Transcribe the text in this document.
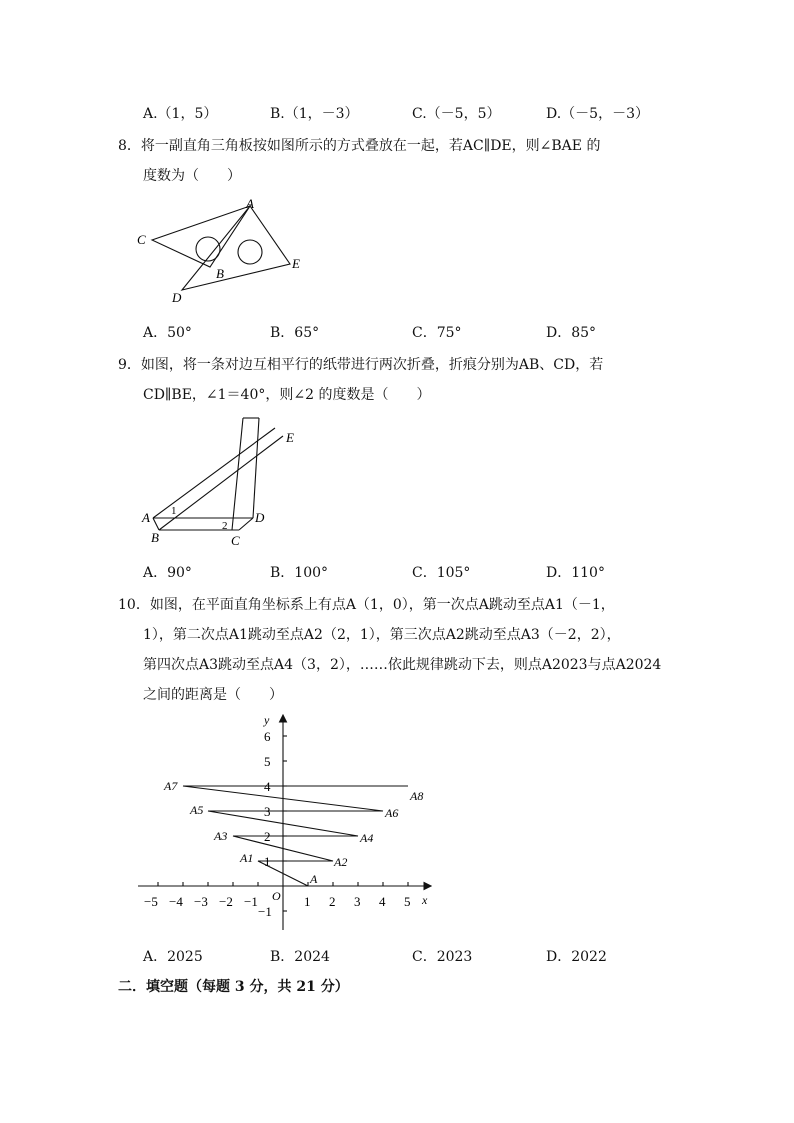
A.（1，5）	B.（1，－3）	C.（－5，5）	D.（－5，－3）
8．将一副直角三角板按如图所示的方式叠放在一起，若AC∥DE，则∠BAE 的
度数为（　　）
A
C
B
E
D
A．50°	B．65°	C．75°	D．85°
9．如图，将一条对边互相平行的纸带进行两次折叠，折痕分别为AB、CD，若
CD∥BE，∠1＝40°，则∠2 的度数是（　　）
E
A 1
2
D
B	C
A．90°	B．100°	C．105°	D．110°
10．如图，在平面直角坐标系上有点A（1，0），第一次点A跳动至点A1（－1，
1），第二次点A1跳动至点A2（2，1），第三次点A2跳动至点A3（－2，2），
第四次点A3跳动至点A4（3，2），……依此规律跳动下去，则点A2023与点A2024
之间的距离是（　　）
x
y
O
−5 −4 −3 −2 −1	1 2 3 4 5
6
5
4
3
2
1
−1
A
A1	A2
A3	A4
A5	A6
A7
A8
A．2025	B．2024	C．2023	D．2022
二．填空题（每题 3 分，共 21 分）
